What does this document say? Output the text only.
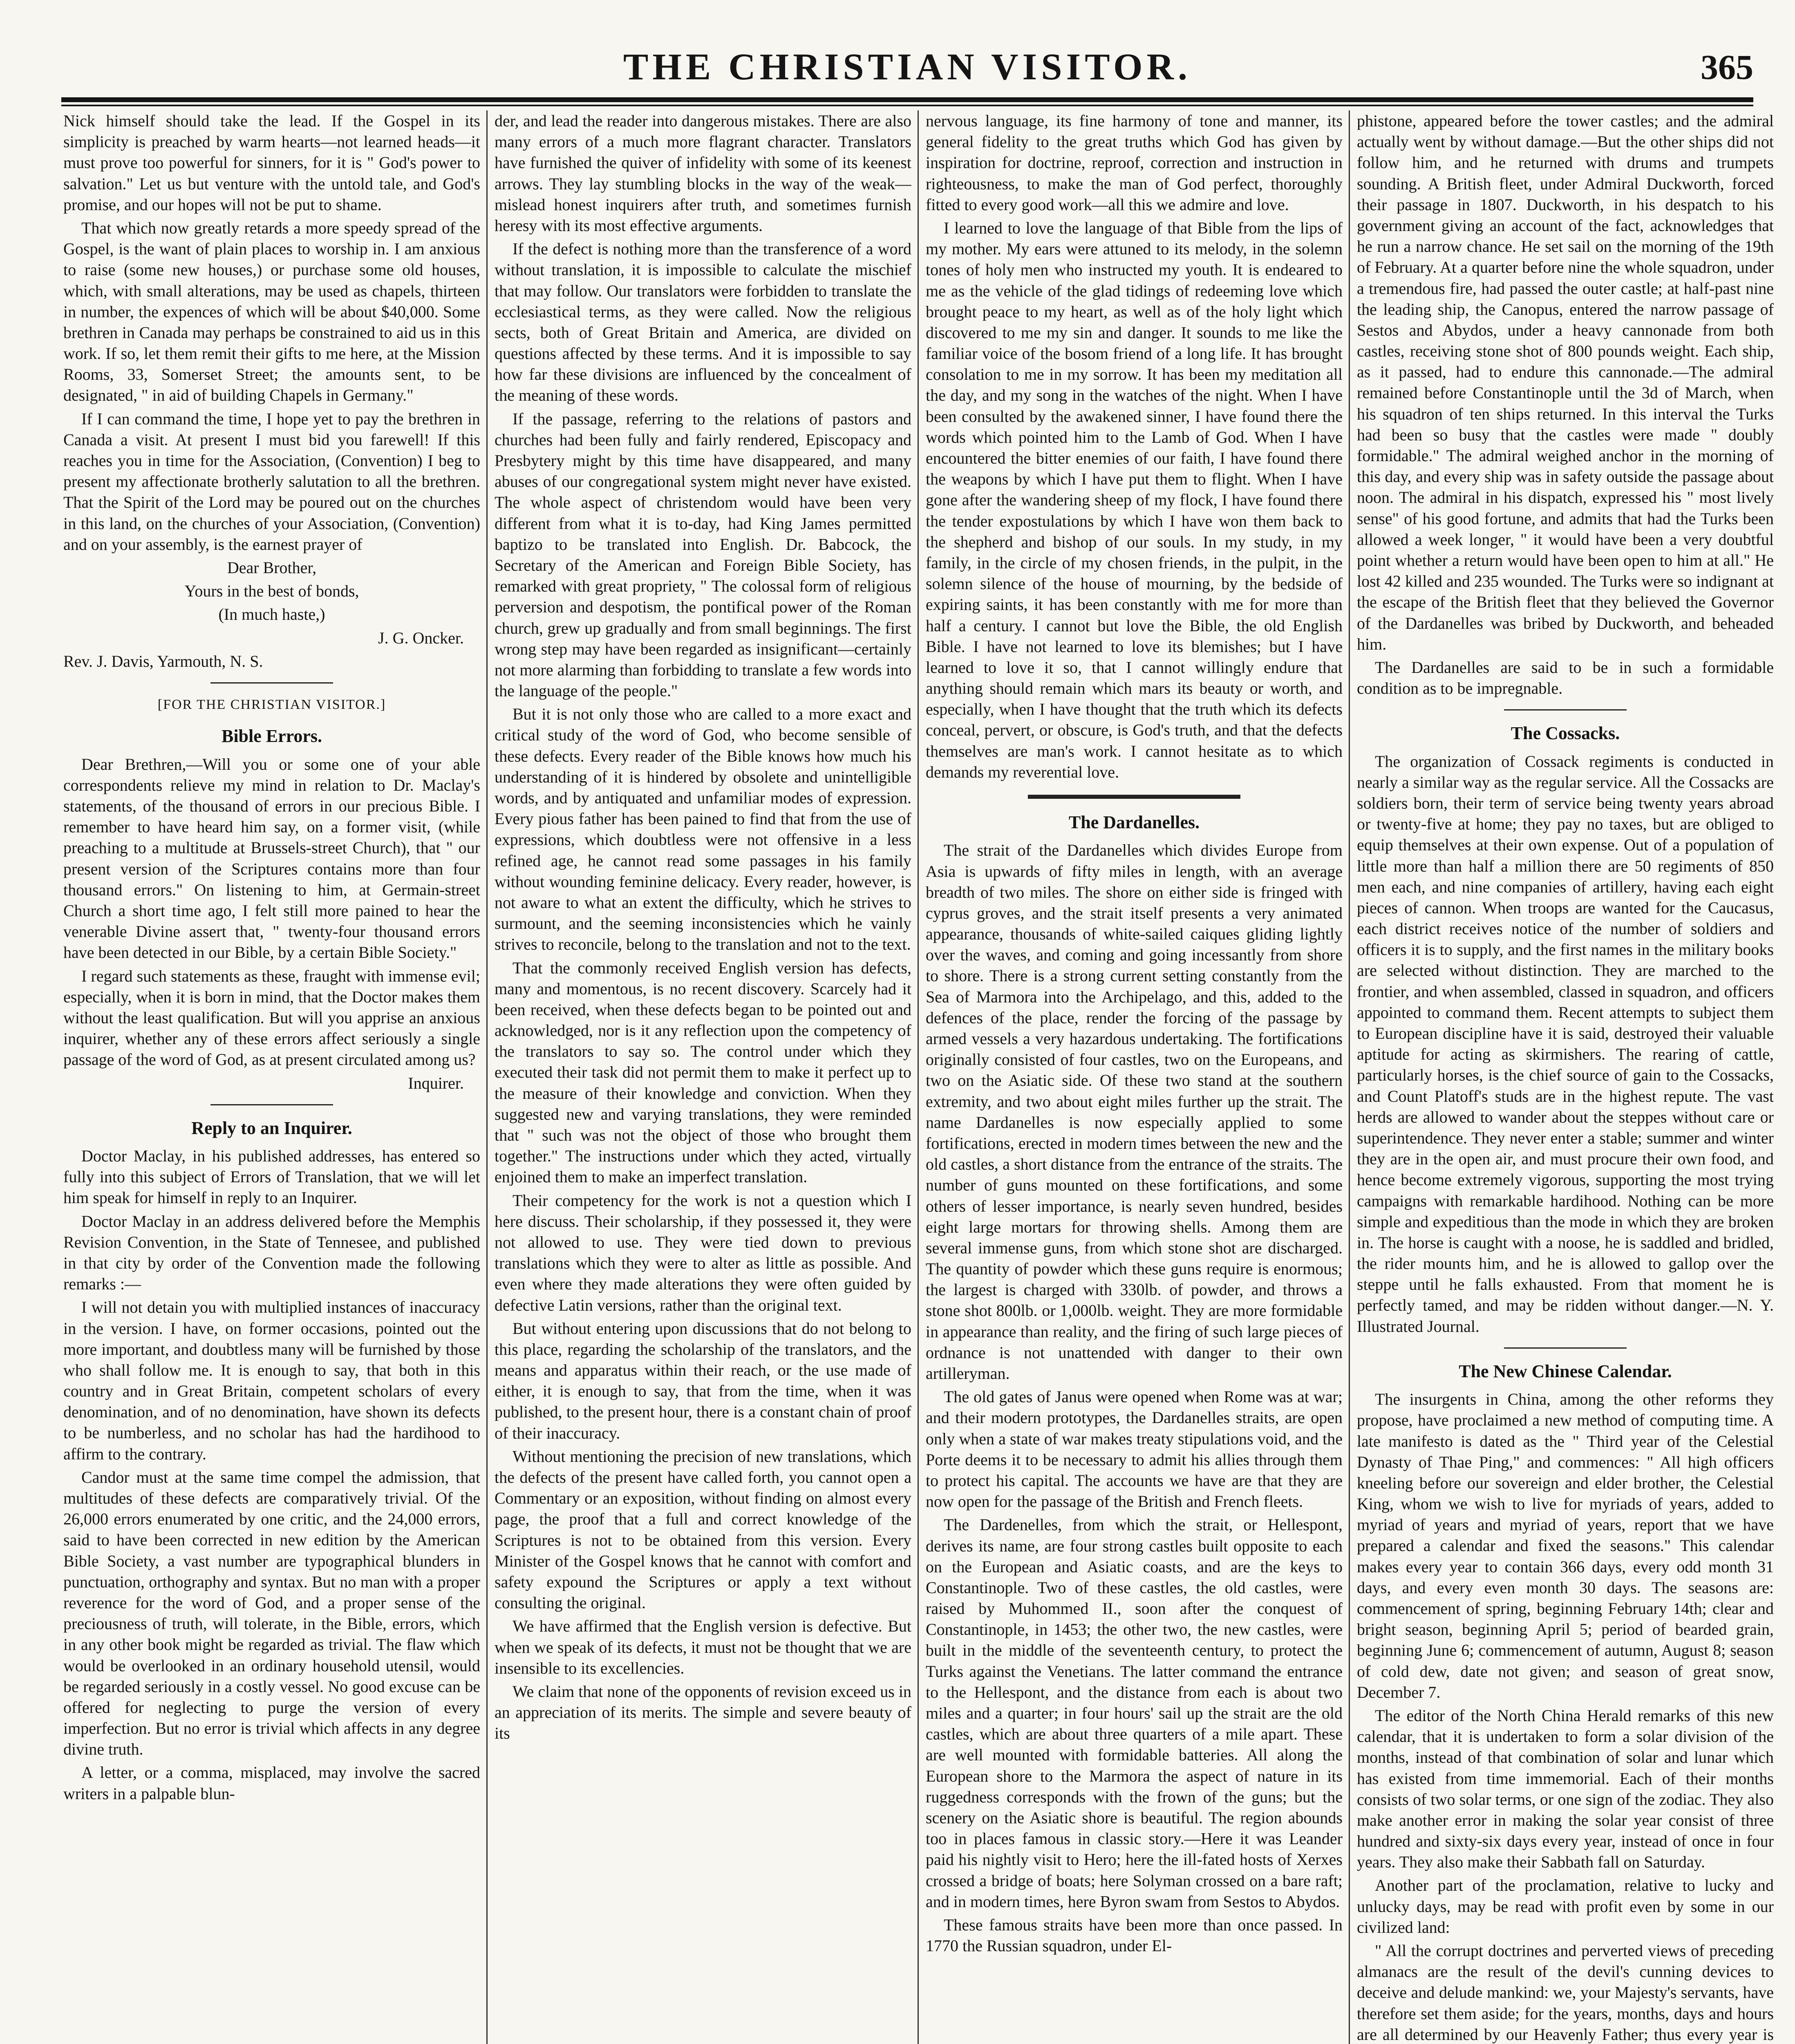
THE CHRISTIAN VISITOR.	365

Nick himself should take the lead. If the Gospel in its simplicity is preached by warm hearts—not learned heads—it must prove too powerful for sinners, for it is " God's power to salvation." Let us but venture with the untold tale, and God's promise, and our hopes will not be put to shame.

That which now greatly retards a more speedy spread of the Gospel, is the want of plain places to worship in. I am anxious to raise (some new houses,) or purchase some old houses, which, with small alterations, may be used as chapels, thirteen in number, the expences of which will be about $40,000. Some brethren in Canada may perhaps be constrained to aid us in this work. If so, let them remit their gifts to me here, at the Mission Rooms, 33, Somerset Street; the amounts sent, to be designated, " in aid of building Chapels in Germany."

If I can command the time, I hope yet to pay the brethren in Canada a visit. At present I must bid you farewell! If this reaches you in time for the Association, (Convention) I beg to present my affectionate brotherly salutation to all the brethren. That the Spirit of the Lord may be poured out on the churches in this land, on the churches of your Association, (Convention) and on your assembly, is the earnest prayer of

Dear Brother,

Yours in the best of bonds,

(In much haste,)

J. G. Oncker.

Rev. J. Davis, Yarmouth, N. S.

[FOR THE CHRISTIAN VISITOR.]

Bible Errors.

Dear Brethren,—Will you or some one of your able correspondents relieve my mind in relation to Dr. Maclay's statements, of the thousand of errors in our precious Bible. I remember to have heard him say, on a former visit, (while preaching to a multitude at Brussels-street Church), that " our present version of the Scriptures contains more than four thousand errors." On listening to him, at Germain-street Church a short time ago, I felt still more pained to hear the venerable Divine assert that, " twenty-four thousand errors have been detected in our Bible, by a certain Bible Society."

I regard such statements as these, fraught with immense evil; especially, when it is born in mind, that the Doctor makes them without the least qualification. But will you apprise an anxious inquirer, whether any of these errors affect seriously a single passage of the word of God, as at present circulated among us?

Inquirer.

Reply to an Inquirer.

Doctor Maclay, in his published addresses, has entered so fully into this subject of Errors of Translation, that we will let him speak for himself in reply to an Inquirer.

Doctor Maclay in an address delivered before the Memphis Revision Convention, in the State of Tennesee, and published in that city by order of the Convention made the following remarks :—

I will not detain you with multiplied instances of inaccuracy in the version. I have, on former occasions, pointed out the more important, and doubtless many will be furnished by those who shall follow me. It is enough to say, that both in this country and in Great Britain, competent scholars of every denomination, and of no denomination, have shown its defects to be numberless, and no scholar has had the hardihood to affirm to the contrary.

Candor must at the same time compel the admission, that multitudes of these defects are comparatively trivial. Of the 26,000 errors enumerated by one critic, and the 24,000 errors, said to have been corrected in new edition by the American Bible Society, a vast number are typographical blunders in punctuation, orthography and syntax. But no man with a proper reverence for the word of God, and a proper sense of the preciousness of truth, will tolerate, in the Bible, errors, which in any other book might be regarded as trivial. The flaw which would be overlooked in an ordinary household utensil, would be regarded seriously in a costly vessel. No good excuse can be offered for neglecting to purge the version of every imperfection. But no error is trivial which affects in any degree divine truth.

A letter, or a comma, misplaced, may involve the sacred writers in a palpable blun-

der, and lead the reader into dangerous mistakes. There are also many errors of a much more flagrant character. Translators have furnished the quiver of infidelity with some of its keenest arrows. They lay stumbling blocks in the way of the weak—mislead honest inquirers after truth, and sometimes furnish heresy with its most effective arguments.

If the defect is nothing more than the transference of a word without translation, it is impossible to calculate the mischief that may follow. Our translators were forbidden to translate the ecclesiastical terms, as they were called. Now the religious sects, both of Great Britain and America, are divided on questions affected by these terms. And it is impossible to say how far these divisions are influenced by the concealment of the meaning of these words.

If the passage, referring to the relations of pastors and churches had been fully and fairly rendered, Episcopacy and Presbytery might by this time have disappeared, and many abuses of our congregational system might never have existed. The whole aspect of christendom would have been very different from what it is to-day, had King James permitted baptizo to be translated into English. Dr. Babcock, the Secretary of the American and Foreign Bible Society, has remarked with great propriety, " The colossal form of religious perversion and despotism, the pontifical power of the Roman church, grew up gradually and from small beginnings. The first wrong step may have been regarded as insignificant—certainly not more alarming than forbidding to translate a few words into the language of the people."

But it is not only those who are called to a more exact and critical study of the word of God, who become sensible of these defects. Every reader of the Bible knows how much his understanding of it is hindered by obsolete and unintelligible words, and by antiquated and unfamiliar modes of expression. Every pious father has been pained to find that from the use of expressions, which doubtless were not offensive in a less refined age, he cannot read some passages in his family without wounding feminine delicacy. Every reader, however, is not aware to what an extent the difficulty, which he strives to surmount, and the seeming inconsistencies which he vainly strives to reconcile, belong to the translation and not to the text.

That the commonly received English version has defects, many and momentous, is no recent discovery. Scarcely had it been received, when these defects began to be pointed out and acknowledged, nor is it any reflection upon the competency of the translators to say so. The control under which they executed their task did not permit them to make it perfect up to the measure of their knowledge and conviction. When they suggested new and varying translations, they were reminded that " such was not the object of those who brought them together." The instructions under which they acted, virtually enjoined them to make an imperfect translation.

Their competency for the work is not a question which I here discuss. Their scholarship, if they possessed it, they were not allowed to use. They were tied down to previous translations which they were to alter as little as possible. And even where they made alterations they were often guided by defective Latin versions, rather than the original text.

But without entering upon discussions that do not belong to this place, regarding the scholarship of the translators, and the means and apparatus within their reach, or the use made of either, it is enough to say, that from the time, when it was published, to the present hour, there is a constant chain of proof of their inaccuracy.

Without mentioning the precision of new translations, which the defects of the present have called forth, you cannot open a Commentary or an exposition, without finding on almost every page, the proof that a full and correct knowledge of the Scriptures is not to be obtained from this version. Every Minister of the Gospel knows that he cannot with comfort and safety expound the Scriptures or apply a text without consulting the original.

We have affirmed that the English version is defective. But when we speak of its defects, it must not be thought that we are insensible to its excellencies.

We claim that none of the opponents of revision exceed us in an appreciation of its merits. The simple and severe beauty of its

nervous language, its fine harmony of tone and manner, its general fidelity to the great truths which God has given by inspiration for doctrine, reproof, correction and instruction in righteousness, to make the man of God perfect, thoroughly fitted to every good work—all this we admire and love.

I learned to love the language of that Bible from the lips of my mother. My ears were attuned to its melody, in the solemn tones of holy men who instructed my youth. It is endeared to me as the vehicle of the glad tidings of redeeming love which brought peace to my heart, as well as of the holy light which discovered to me my sin and danger. It sounds to me like the familiar voice of the bosom friend of a long life. It has brought consolation to me in my sorrow. It has been my meditation all the day, and my song in the watches of the night. When I have been consulted by the awakened sinner, I have found there the words which pointed him to the Lamb of God. When I have encountered the bitter enemies of our faith, I have found there the weapons by which I have put them to flight. When I have gone after the wandering sheep of my flock, I have found there the tender expostulations by which I have won them back to the shepherd and bishop of our souls. In my study, in my family, in the circle of my chosen friends, in the pulpit, in the solemn silence of the house of mourning, by the bedside of expiring saints, it has been constantly with me for more than half a century. I cannot but love the Bible, the old English Bible. I have not learned to love its blemishes; but I have learned to love it so, that I cannot willingly endure that anything should remain which mars its beauty or worth, and especially, when I have thought that the truth which its defects conceal, pervert, or obscure, is God's truth, and that the defects themselves are man's work. I cannot hesitate as to which demands my reverential love.

The Dardanelles.

The strait of the Dardanelles which divides Europe from Asia is upwards of fifty miles in length, with an average breadth of two miles. The shore on either side is fringed with cyprus groves, and the strait itself presents a very animated appearance, thousands of white-sailed caiques gliding lightly over the waves, and coming and going incessantly from shore to shore. There is a strong current setting constantly from the Sea of Marmora into the Archipelago, and this, added to the defences of the place, render the forcing of the passage by armed vessels a very hazardous undertaking. The fortifications originally consisted of four castles, two on the Europeans, and two on the Asiatic side. Of these two stand at the southern extremity, and two about eight miles further up the strait. The name Dardanelles is now especially applied to some fortifications, erected in modern times between the new and the old castles, a short distance from the entrance of the straits. The number of guns mounted on these fortifications, and some others of lesser importance, is nearly seven hundred, besides eight large mortars for throwing shells. Among them are several immense guns, from which stone shot are discharged. The quantity of powder which these guns require is enormous; the largest is charged with 330lb. of powder, and throws a stone shot 800lb. or 1,000lb. weight. They are more formidable in appearance than reality, and the firing of such large pieces of ordnance is not unattended with danger to their own artilleryman.

The old gates of Janus were opened when Rome was at war; and their modern prototypes, the Dardanelles straits, are open only when a state of war makes treaty stipulations void, and the Porte deems it to be necessary to admit his allies through them to protect his capital. The accounts we have are that they are now open for the passage of the British and French fleets.

The Dardenelles, from which the strait, or Hellespont, derives its name, are four strong castles built opposite to each on the European and Asiatic coasts, and are the keys to Constantinople. Two of these castles, the old castles, were raised by Muhommed II., soon after the conquest of Constantinople, in 1453; the other two, the new castles, were built in the middle of the seventeenth century, to protect the Turks against the Venetians. The latter command the entrance to the Hellespont, and the distance from each is about two miles and a quarter; in four hours' sail up the strait are the old castles, which are about three quarters of a mile apart. These are well mounted with formidable batteries. All along the European shore to the Marmora the aspect of nature in its ruggedness corresponds with the frown of the guns; but the scenery on the Asiatic shore is beautiful. The region abounds too in places famous in classic story.—Here it was Leander paid his nightly visit to Hero; here the ill-fated hosts of Xerxes crossed a bridge of boats; here Solyman crossed on a bare raft; and in modern times, here Byron swam from Sestos to Abydos.

These famous straits have been more than once passed. In 1770 the Russian squadron, under El-

phistone, appeared before the tower castles; and the admiral actually went by without damage.—But the other ships did not follow him, and he returned with drums and trumpets sounding. A British fleet, under Admiral Duckworth, forced their passage in 1807. Duckworth, in his despatch to his government giving an account of the fact, acknowledges that he run a narrow chance. He set sail on the morning of the 19th of February. At a quarter before nine the whole squadron, under a tremendous fire, had passed the outer castle; at half-past nine the leading ship, the Canopus, entered the narrow passage of Sestos and Abydos, under a heavy cannonade from both castles, receiving stone shot of 800 pounds weight. Each ship, as it passed, had to endure this cannonade.—The admiral remained before Constantinople until the 3d of March, when his squadron of ten ships returned. In this interval the Turks had been so busy that the castles were made " doubly formidable." The admiral weighed anchor in the morning of this day, and every ship was in safety outside the passage about noon. The admiral in his dispatch, expressed his " most lively sense" of his good fortune, and admits that had the Turks been allowed a week longer, " it would have been a very doubtful point whether a return would have been open to him at all." He lost 42 killed and 235 wounded. The Turks were so indignant at the escape of the British fleet that they believed the Governor of the Dardanelles was bribed by Duckworth, and beheaded him.

The Dardanelles are said to be in such a formidable condition as to be impregnable.

The Cossacks.

The organization of Cossack regiments is conducted in nearly a similar way as the regular service. All the Cossacks are soldiers born, their term of service being twenty years abroad or twenty-five at home; they pay no taxes, but are obliged to equip themselves at their own expense. Out of a population of little more than half a million there are 50 regiments of 850 men each, and nine companies of artillery, having each eight pieces of cannon. When troops are wanted for the Caucasus, each district receives notice of the number of soldiers and officers it is to supply, and the first names in the military books are selected without distinction. They are marched to the frontier, and when assembled, classed in squadron, and officers appointed to command them. Recent attempts to subject them to European discipline have it is said, destroyed their valuable aptitude for acting as skirmishers. The rearing of cattle, particularly horses, is the chief source of gain to the Cossacks, and Count Platoff's studs are in the highest repute. The vast herds are allowed to wander about the steppes without care or superintendence. They never enter a stable; summer and winter they are in the open air, and must procure their own food, and hence become extremely vigorous, supporting the most trying campaigns with remarkable hardihood. Nothing can be more simple and expeditious than the mode in which they are broken in. The horse is caught with a noose, he is saddled and bridled, the rider mounts him, and he is allowed to gallop over the steppe until he falls exhausted. From that moment he is perfectly tamed, and may be ridden without danger.—N. Y. Illustrated Journal.

The New Chinese Calendar.

The insurgents in China, among the other reforms they propose, have proclaimed a new method of computing time. A late manifesto is dated as the " Third year of the Celestial Dynasty of Thae Ping," and commences: " All high officers kneeling before our sovereign and elder brother, the Celestial King, whom we wish to live for myriads of years, added to myriad of years and myriad of years, report that we have prepared a calendar and fixed the seasons." This calendar makes every year to contain 366 days, every odd month 31 days, and every even month 30 days. The seasons are: commencement of spring, beginning February 14th; clear and bright season, beginning April 5; period of bearded grain, beginning June 6; commencement of autumn, August 8; season of cold dew, date not given; and season of great snow, December 7.

The editor of the North China Herald remarks of this new calendar, that it is undertaken to form a solar division of the months, instead of that combination of solar and lunar which has existed from time immemorial. Each of their months consists of two solar terms, or one sign of the zodiac. They also make another error in making the solar year consist of three hundred and sixty-six days every year, instead of once in four years. They also make their Sabbath fall on Saturday.

Another part of the proclamation, relative to lucky and unlucky days, may be read with profit even by some in our civilized land:

" All the corrupt doctrines and perverted views of preceding almanacs are the result of the devil's cunning devices to deceive and delude mankind: we, your Majesty's servants, have therefore set them aside; for the years, months, days and hours are all determined by our Heavenly Father; thus every year is
